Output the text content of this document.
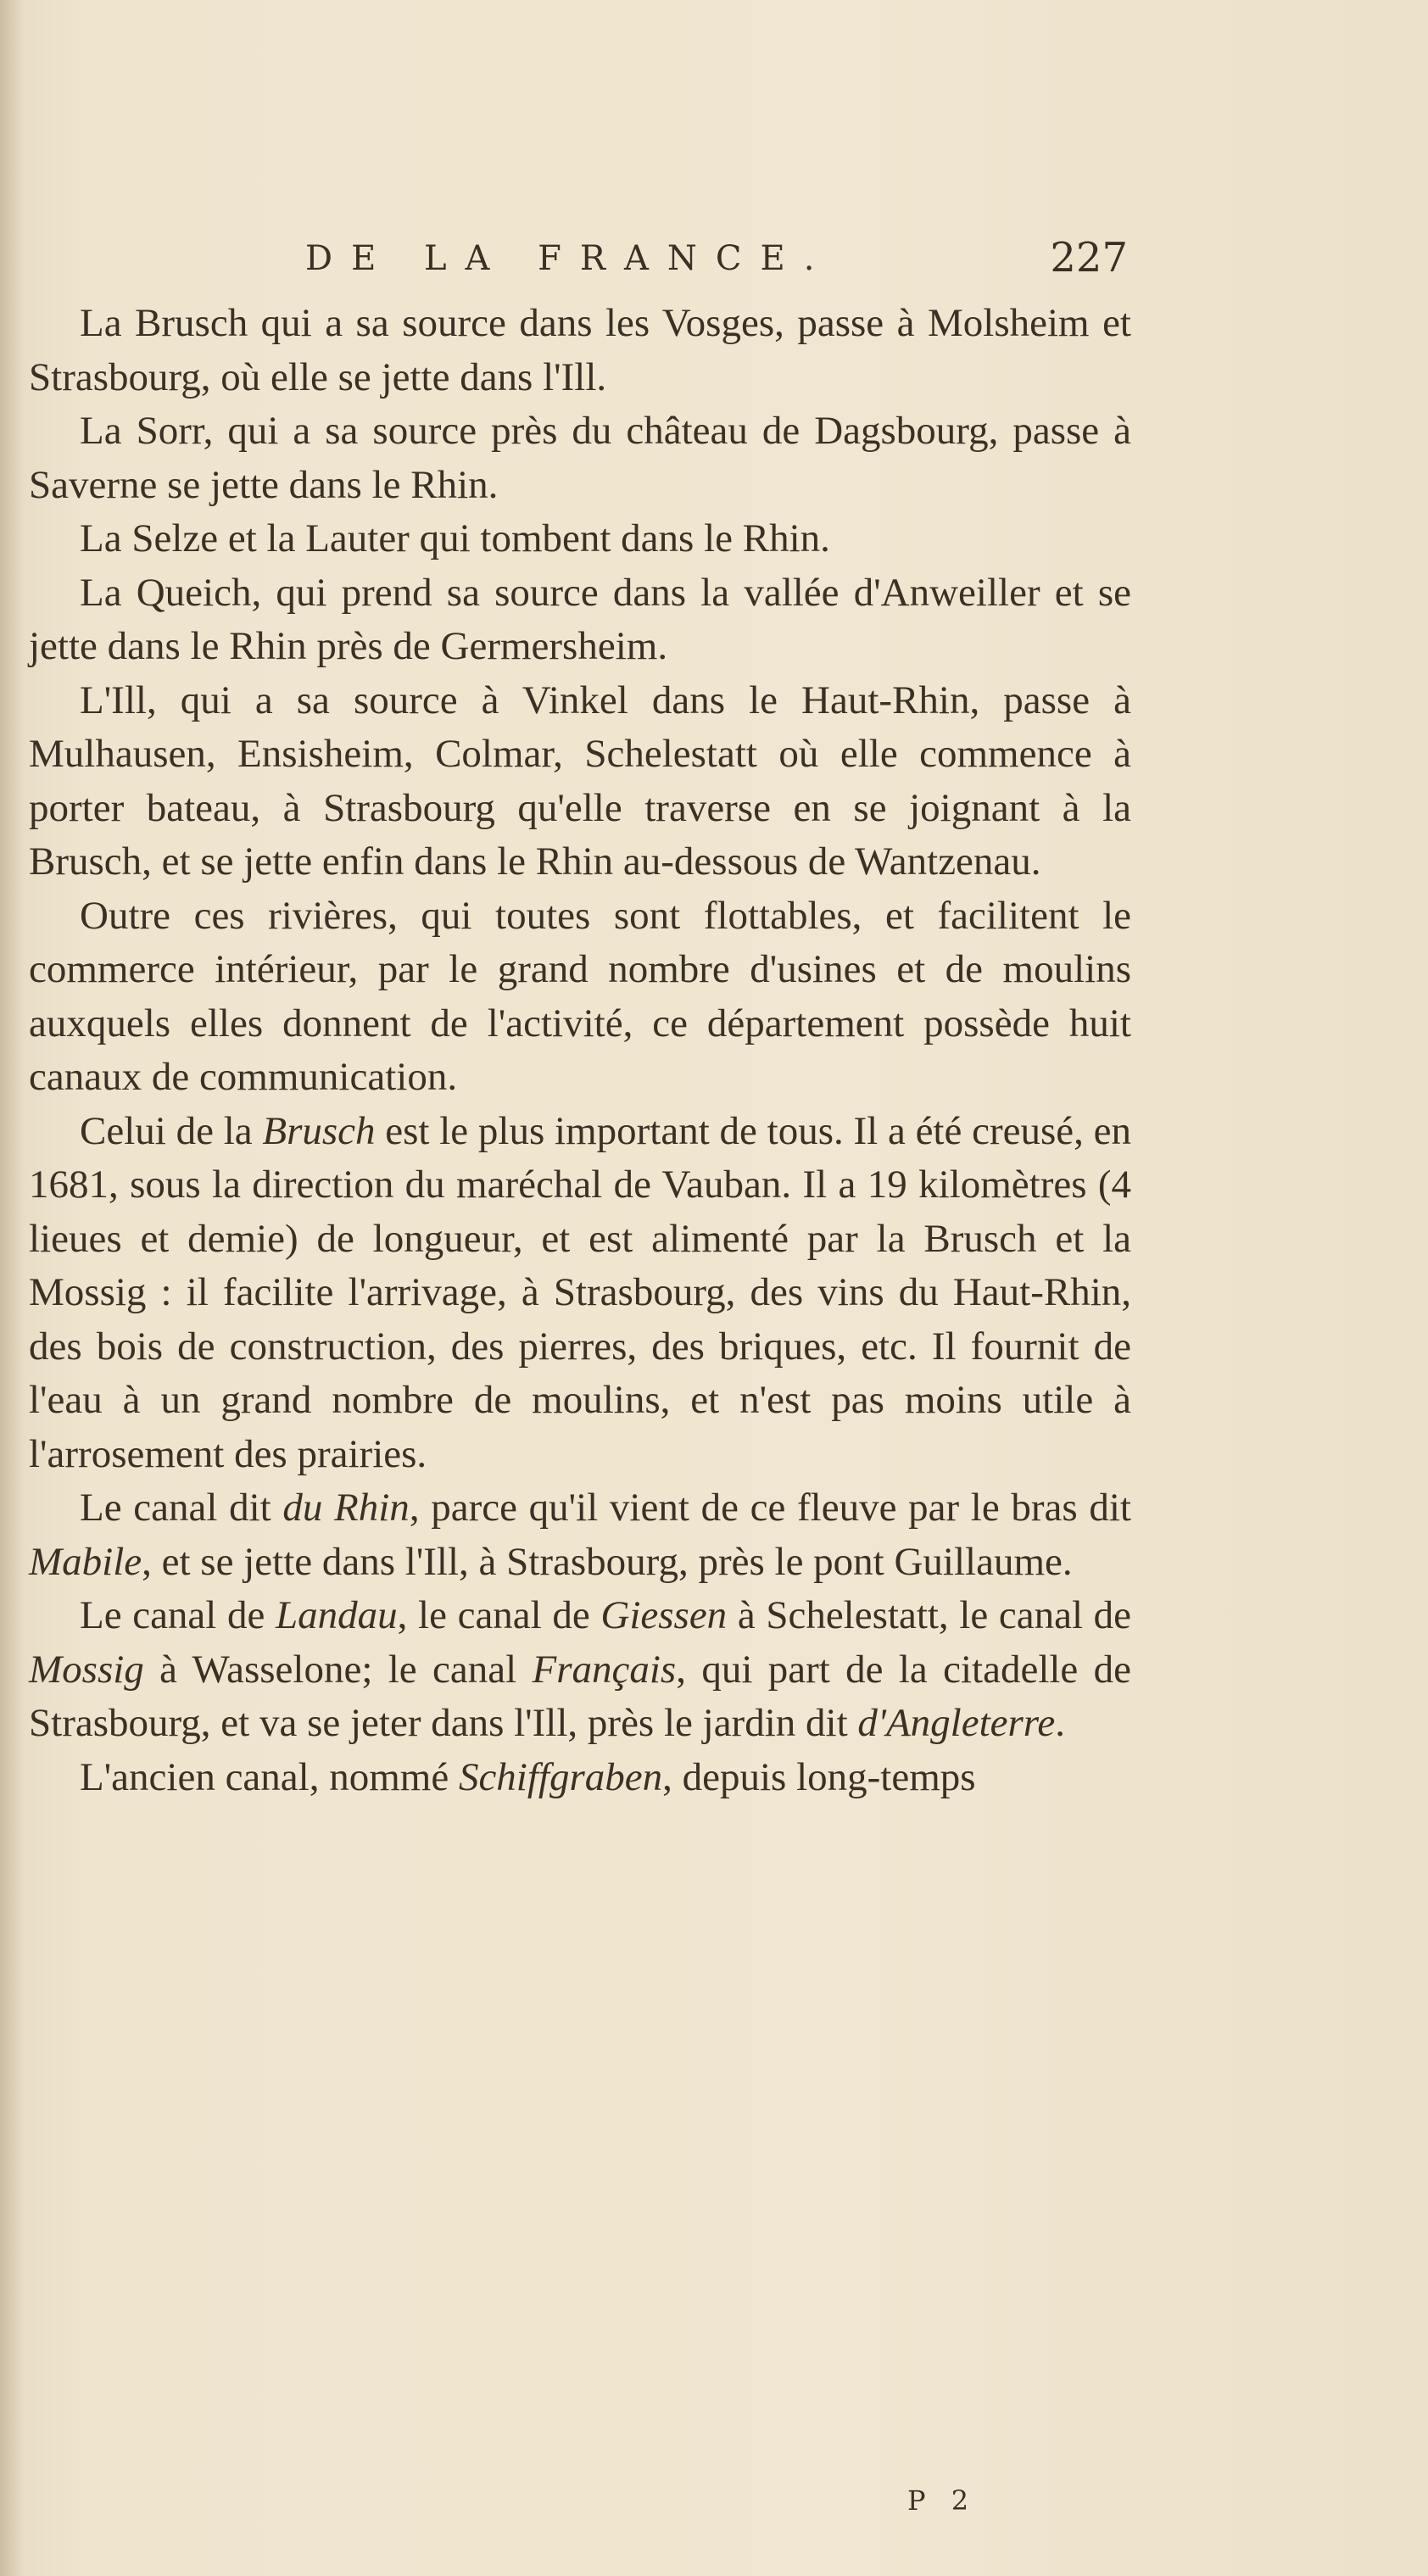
DE LA FRANCE.	227

La Brusch qui a sa source dans les Vosges, passe à Molsheim et Strasbourg, où elle se jette dans l'Ill.

La Sorr, qui a sa source près du château de Dagsbourg, passe à Saverne se jette dans le Rhin.

La Selze et la Lauter qui tombent dans le Rhin.

La Queich, qui prend sa source dans la vallée d'Anweiller et se jette dans le Rhin près de Germersheim.

L'Ill, qui a sa source à Vinkel dans le Haut-Rhin, passe à Mulhausen, Ensisheim, Colmar, Schelestatt où elle commence à porter bateau, à Strasbourg qu'elle traverse en se joignant à la Brusch, et se jette enfin dans le Rhin au-dessous de Wantzenau.

Outre ces rivières, qui toutes sont flottables, et facilitent le commerce intérieur, par le grand nombre d'usines et de moulins auxquels elles donnent de l'activité, ce département possède huit canaux de communication.

Celui de la Brusch est le plus important de tous. Il a été creusé, en 1681, sous la direction du maréchal de Vauban. Il a 19 kilomètres (4 lieues et demie) de longueur, et est alimenté par la Brusch et la Mossig : il facilite l'arrivage, à Strasbourg, des vins du Haut-Rhin, des bois de construction, des pierres, des briques, etc. Il fournit de l'eau à un grand nombre de moulins, et n'est pas moins utile à l'arrosement des prairies.

Le canal dit du Rhin, parce qu'il vient de ce fleuve par le bras dit Mabile, et se jette dans l'Ill, à Strasbourg, près le pont Guillaume.

Le canal de Landau, le canal de Giessen à Schelestatt, le canal de Mossig à Wasselone; le canal Français, qui part de la citadelle de Strasbourg, et va se jeter dans l'Ill, près le jardin dit d'Angleterre.

L'ancien canal, nommé Schiffgraben, depuis long-temps

P 2
